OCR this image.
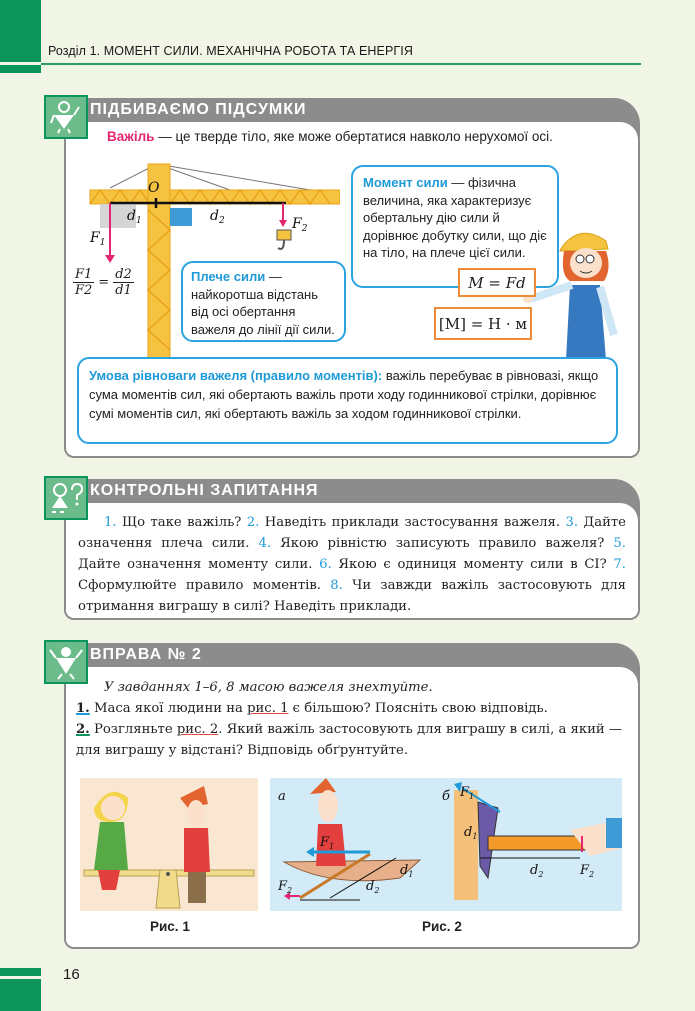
Розділ 1. МОМЕНТ СИЛИ. МЕХАНІЧНА РОБОТА ТА ЕНЕРГІЯ
ПІДБИВАЄМО ПІДСУМКИ
Важіль — це тверде тіло, яке може обертатися навколо нерухомої осі.
O
$d_1$	$d_2$
$F_1$
$F_2$
$\frac{F1}{F2} = \frac{d2}{d1}$
Момент сили — фізична величина, яка характеризує обертальну дію сили й дорівнює добутку сили, що діє на тіло, на плече цієї сили.
Плече сили — найкоротша відстань від осі обертання важеля до лінії дії сили.
M = Fd
[M] = Н · м
Умова рівноваги важеля (правило моментів): важіль перебуває в рівновазі, якщо сума моментів сил, які обертають важіль проти ходу годинникової стрілки, дорівнює сумі моментів сил, які обертають важіль за ходом годинникової стрілки.
КОНТРОЛЬНІ ЗАПИТАННЯ

1. Що таке важіль? 2. Наведіть приклади застосування важеля. 3. Дайте означення плеча сили. 4. Якою рівністю записують правило важеля? 5. Дайте означення моменту сили. 6. Якою є одиниця моменту сили в СІ? 7. Сформулюйте правило моментів. 8. Чи завжди важіль застосовують для отримання виграшу в силі? Наведіть приклади.

ВПРАВА № 2

У завданнях 1–6, 8 масою важеля знехтуйте.

1. Маса якої людини на рис. 1 є більшою? Поясніть свою відповідь.

2. Розгляньте рис. 2. Який важіль застосовують для виграшу в силі, а який — для виграшу у відстані? Відповідь обґрунтуйте.

а
$F_1$
$F_2$
$d_1$
$d_2$
б
$d_1$
$d_2$
$F_1$
$F_2$
Рис. 1	Рис. 2
16
